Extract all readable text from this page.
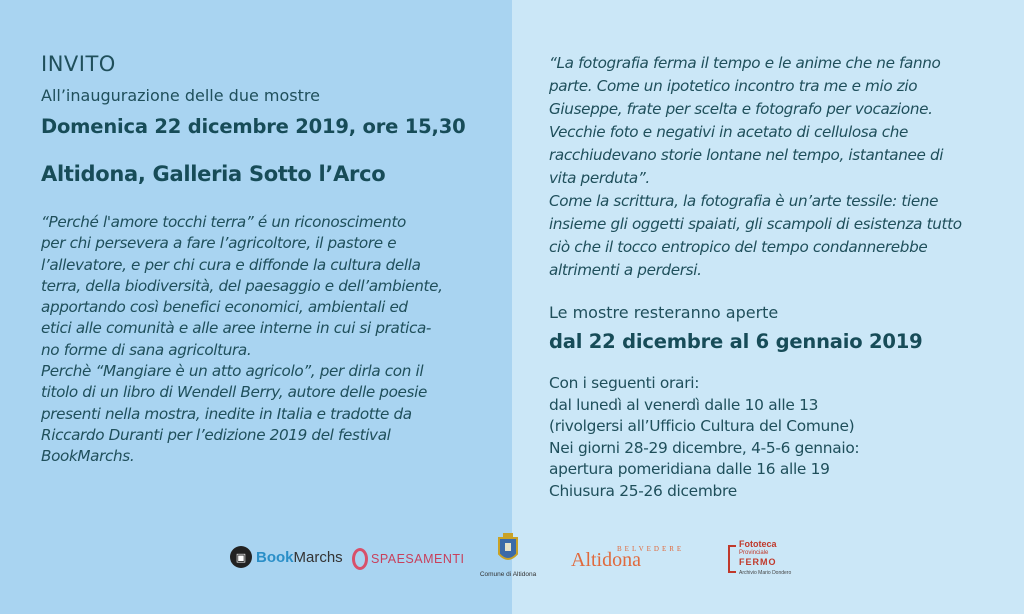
INVITO
All’inaugurazione delle due mostre
Domenica 22 dicembre 2019, ore 15,30
Altidona, Galleria Sotto l’Arco

“Perché l'amore tocchi terra” é un riconoscimento

per chi persevera a fare l’agricoltore, il pastore e

l’allevatore, e per chi cura e diffonde la cultura della

terra, della biodiversità, del paesaggio e dell’ambiente,

apportando così benefici economici, ambientali ed

etici alle comunità e alle aree interne in cui si pratica-

no forme di sana agricoltura.

Perchè “Mangiare è un atto agricolo”, per dirla con il

titolo di un libro di Wendell Berry, autore delle poesie

presenti nella mostra, inedite in Italia e tradotte da

Riccardo Duranti per l’edizione 2019 del festival

BookMarchs.

“La fotografia ferma il tempo e le anime che ne fanno

parte. Come un ipotetico incontro tra me e mio zio

Giuseppe, frate per scelta e fotografo per vocazione.

Vecchie foto e negativi in acetato di cellulosa che

racchiudevano storie lontane nel tempo, istantanee di

vita perduta”.

Come la scrittura, la fotografia è un’arte tessile: tiene

insieme gli oggetti spaiati, gli scampoli di esistenza tutto

ciò che il tocco entropico del tempo condannerebbe

altrimenti a perdersi.

Le mostre resteranno aperte
dal 22 dicembre al 6 gennaio 2019

Con i seguenti orari:

dal lunedì al venerdì dalle 10 alle 13

(rivolgersi all’Ufficio Cultura del Comune)

Nei giorni 28-29 dicembre, 4-5-6 gennaio:

apertura pomeridiana dalle 16 alle 19

Chiusura 25-26 dicembre

▣ BookMarchs SPAESAMENTI
Comune di Altidona
BELVEDERE
Altidona
Fototeca
Provinciale
FERMO
Archivio Mario Dondero
